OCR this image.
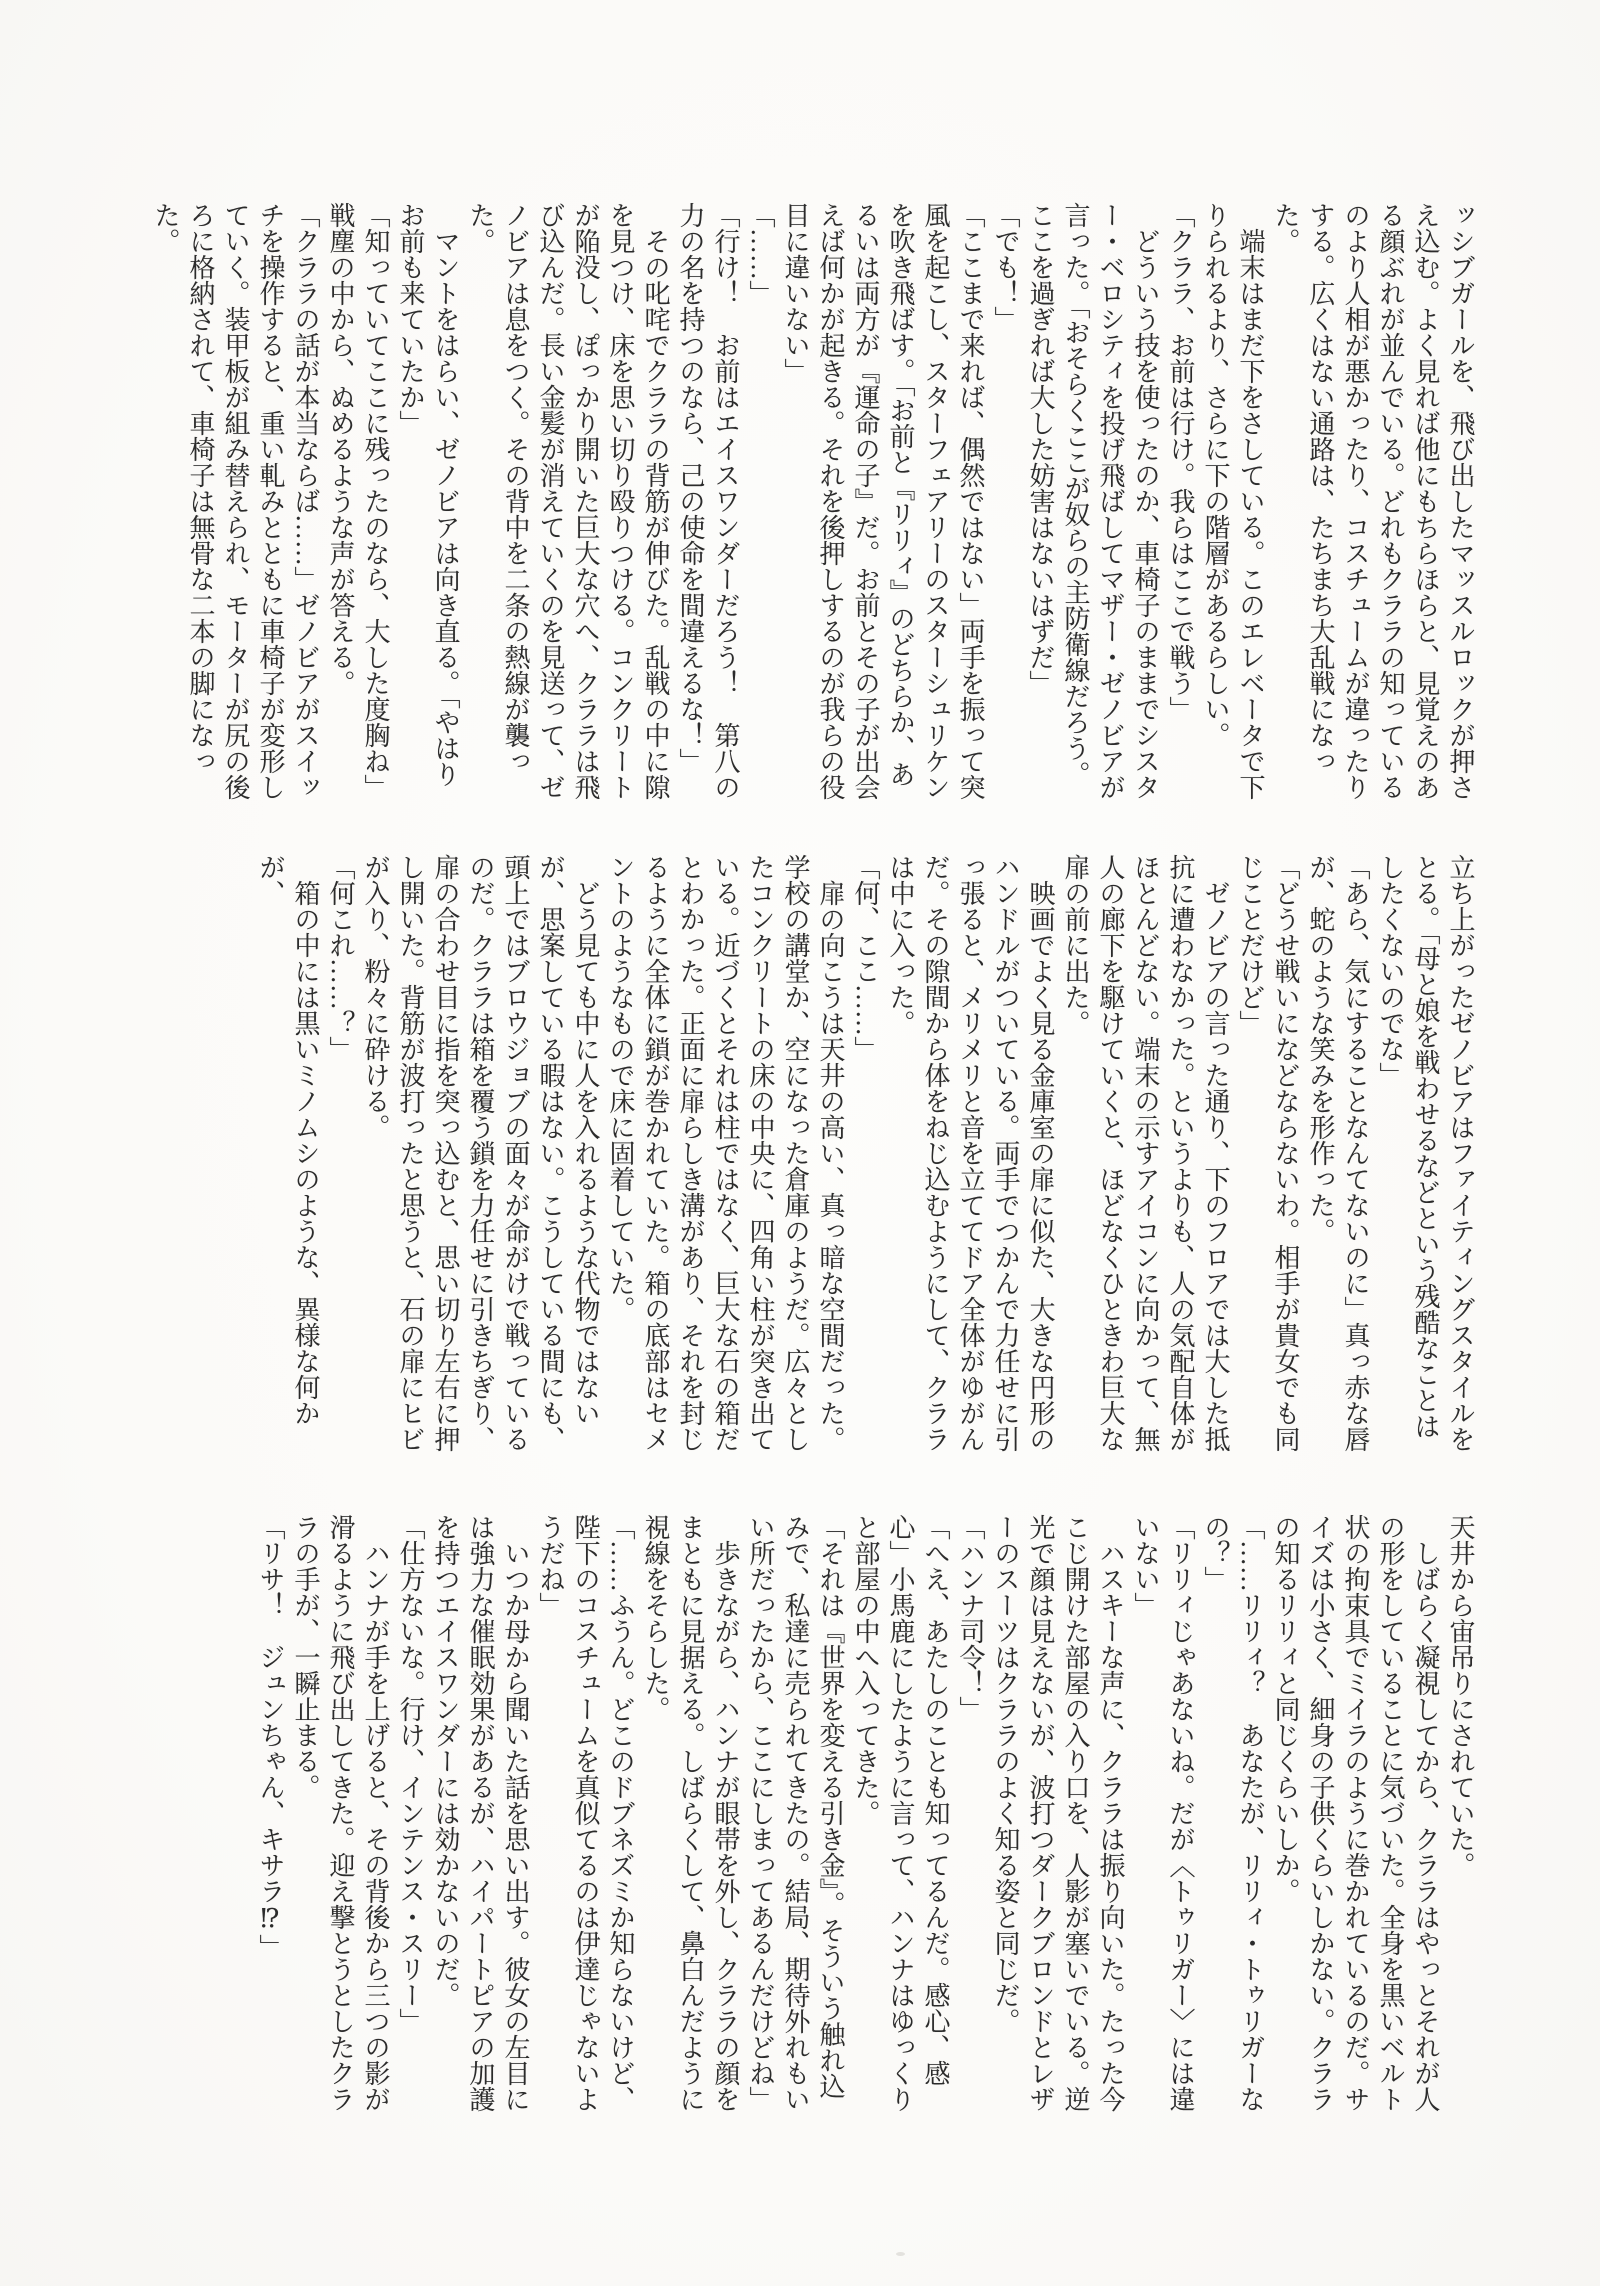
ッシブガールを、飛び出したマッスルロックが押さえ込む。よく見れば他にもちらほらと、見覚えのある顔ぶれが並んでいる。どれもクララの知っているのより人相が悪かったり、コスチュームが違ったりする。広くはない通路は、たちまち大乱戦になった。

端末はまだ下をさしている。このエレベータで下りられるより、さらに下の階層があるらしい。

「クララ、お前は行け。我らはここで戦う」

どういう技を使ったのか、車椅子のままでシスター・ベロシティを投げ飛ばしてマザー・ゼノビアが言った。「おそらくここが奴らの主防衛線だろう。ここを過ぎれば大した妨害はないはずだ」

「でも！」

「ここまで来れば、偶然ではない」両手を振って突風を起こし、スターフェアリーのスターシュリケンを吹き飛ばす。「お前と『リリィ』のどちらか、あるいは両方が『運命の子』だ。お前とその子が出会えば何かが起きる。それを後押しするのが我らの役目に違いない」

「……」

「行け！　お前はエイスワンダーだろう！　第八の力の名を持つのなら、己の使命を間違えるな！」

その叱咤でクララの背筋が伸びた。乱戦の中に隙を見つけ、床を思い切り殴りつける。コンクリートが陥没し、ぽっかり開いた巨大な穴へ、クララは飛び込んだ。長い金髪が消えていくのを見送って、ゼノビアは息をつく。その背中を二条の熱線が襲った。

マントをはらい、ゼノビアは向き直る。「やはりお前も来ていたか」

「知っていてここに残ったのなら、大した度胸ね」戦塵の中から、ぬめるような声が答える。

「クララの話が本当ならば……」ゼノビアがスイッチを操作すると、重い軋みとともに車椅子が変形していく。装甲板が組み替えられ、モーターが尻の後ろに格納されて、車椅子は無骨な二本の脚になった。

立ち上がったゼノビアはファイティングスタイルをとる。「母と娘を戦わせるなどという残酷なことはしたくないのでな」

「あら、気にすることなんてないのに」真っ赤な唇が、蛇のような笑みを形作った。

「どうせ戦いになどならないわ。相手が貴女でも同じことだけど」

ゼノビアの言った通り、下のフロアでは大した抵抗に遭わなかった。というよりも、人の気配自体がほとんどない。端末の示すアイコンに向かって、無人の廊下を駆けていくと、ほどなくひときわ巨大な扉の前に出た。

映画でよく見る金庫室の扉に似た、大きな円形のハンドルがついている。両手でつかんで力任せに引っ張ると、メリメリと音を立ててドア全体がゆがんだ。その隙間から体をねじ込むようにして、クララは中に入った。

「何、ここ……」

扉の向こうは天井の高い、真っ暗な空間だった。学校の講堂か、空になった倉庫のようだ。広々としたコンクリートの床の中央に、四角い柱が突き出ている。近づくとそれは柱ではなく、巨大な石の箱だとわかった。正面に扉らしき溝があり、それを封じるように全体に鎖が巻かれていた。箱の底部はセメントのようなもので床に固着していた。

どう見ても中に人を入れるような代物ではないが、思案している暇はない。こうしている間にも、頭上ではブロウジョブの面々が命がけで戦っているのだ。クララは箱を覆う鎖を力任せに引きちぎり、扉の合わせ目に指を突っ込むと、思い切り左右に押し開いた。背筋が波打ったと思うと、石の扉にヒビが入り、粉々に砕ける。

「何これ……？」

箱の中には黒いミノムシのような、異様な何かが、

天井から宙吊りにされていた。

しばらく凝視してから、クララはやっとそれが人の形をしていることに気づいた。全身を黒いベルト状の拘束具でミイラのように巻かれているのだ。サイズは小さく、細身の子供くらいしかない。クララの知るリリィと同じくらいしか。

「……リリィ？　あなたが、リリィ・トゥリガーなの？」

「リリィじゃあないね。だが〈トゥリガー〉には違いない」

ハスキーな声に、クララは振り向いた。たった今こじ開けた部屋の入り口を、人影が塞いでいる。逆光で顔は見えないが、波打つダークブロンドとレザーのスーツはクララのよく知る姿と同じだ。

「ハンナ司令！」

「へえ、あたしのことも知ってるんだ。感心、感心」小馬鹿にしたように言って、ハンナはゆっくりと部屋の中へ入ってきた。

「それは『世界を変える引き金』。そういう触れ込みで、私達に売られてきたの。結局、期待外れもいい所だったから、ここにしまってあるんだけどね」

歩きながら、ハンナが眼帯を外し、クララの顔をまともに見据える。しばらくして、鼻白んだように視線をそらした。

「……ふうん。どこのドブネズミか知らないけど、陛下のコスチュームを真似てるのは伊達じゃないようだね」

いつか母から聞いた話を思い出す。彼女の左目には強力な催眠効果があるが、ハイパートピアの加護を持つエイスワンダーには効かないのだ。

「仕方ないな。行け、インテンス・スリー」

ハンナが手を上げると、その背後から三つの影が滑るように飛び出してきた。迎え撃とうとしたクララの手が、一瞬止まる。

「リサ！　ジュンちゃん、キサラ⁉」
